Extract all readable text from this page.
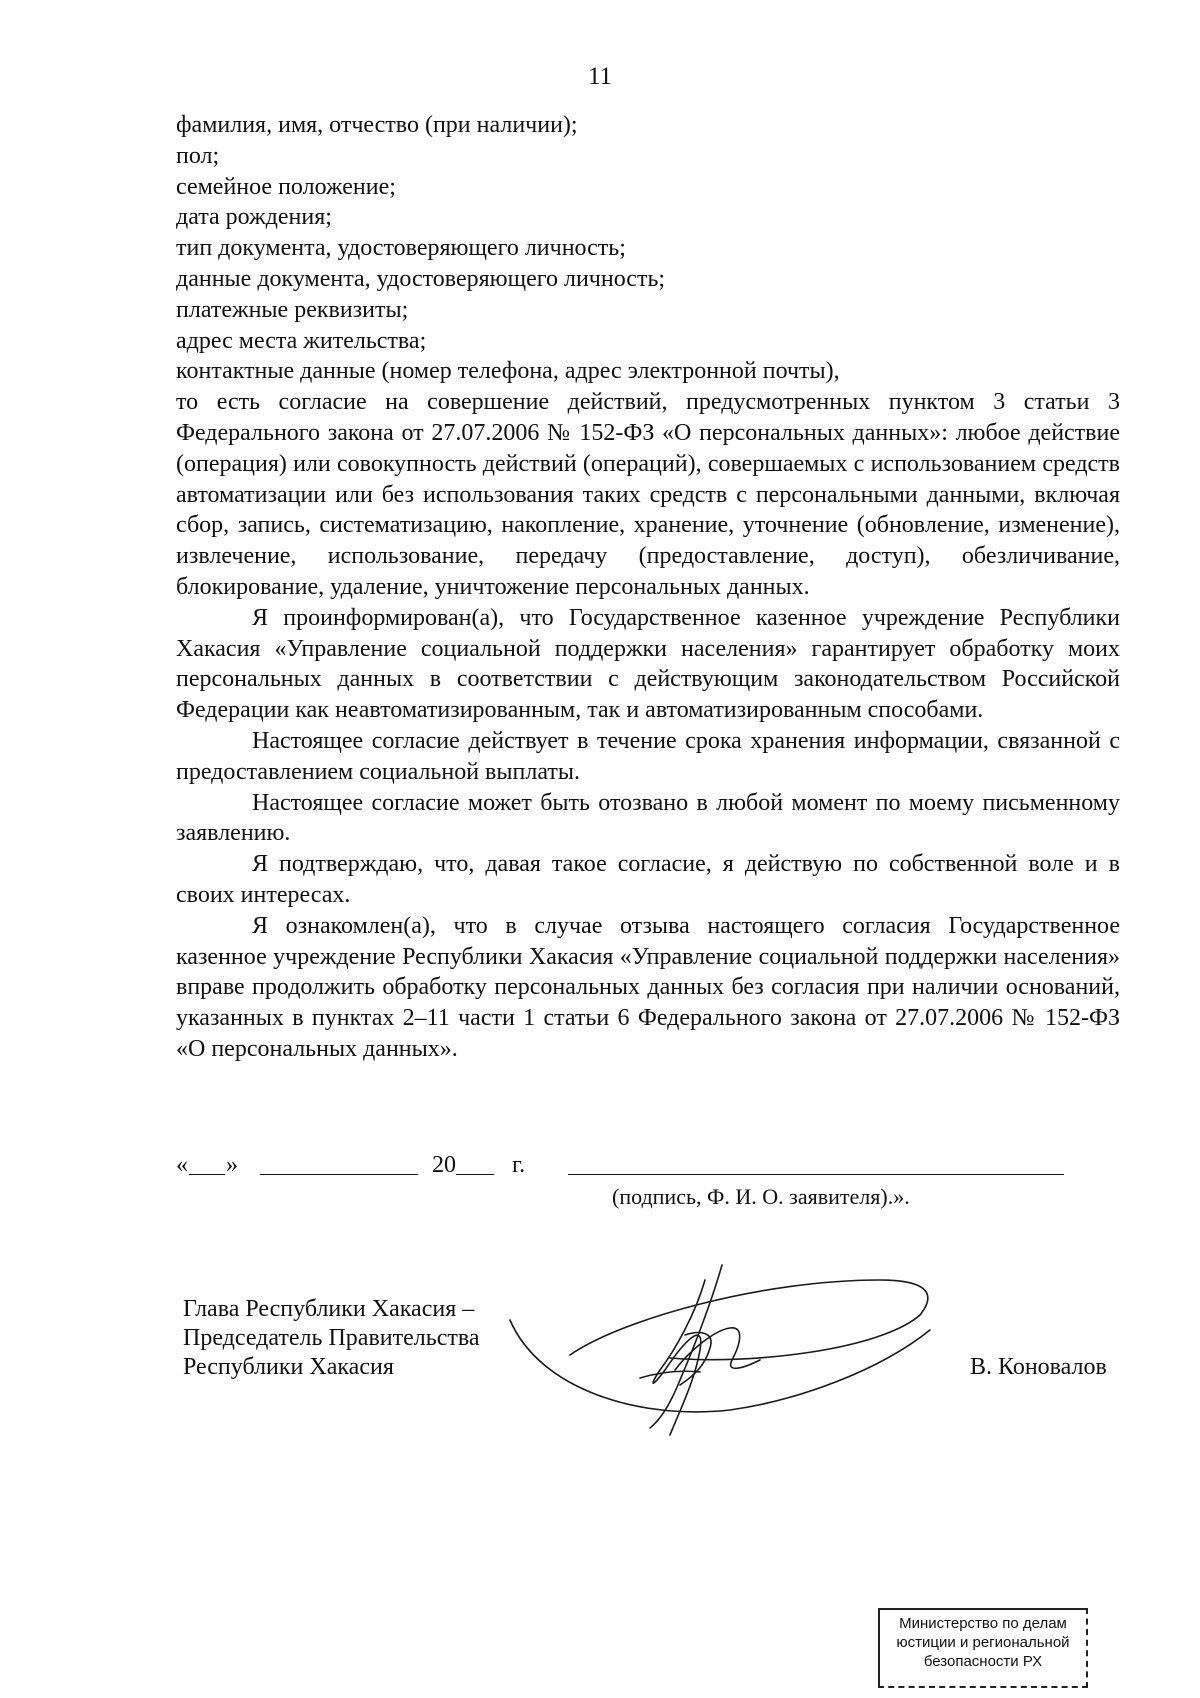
11

фамилия, имя, отчество (при наличии);

пол;

семейное положение;

дата рождения;

тип документа, удостоверяющего личность;

данные документа, удостоверяющего личность;

платежные реквизиты;

адрес места жительства;

контактные данные (номер телефона, адрес электронной почты),

то есть согласие на совершение действий, предусмотренных пунктом 3 статьи 3 Федерального закона от 27.07.2006 № 152-ФЗ «О персональных данных»: любое действие (операция) или совокупность действий (операций), совершаемых с использованием средств автоматизации или без использования таких средств с персональными данными, включая сбор, запись, систематизацию, накопление, хранение, уточнение (обновление, изменение), извлечение, использование, передачу (предоставление, доступ), обезличивание, блокирование, удаление, уничтожение персональных данных.

Я проинформирован(а), что Государственное казенное учреждение Республики Хакасия «Управление социальной поддержки населения» гарантирует обработку моих персональных данных в соответствии с действующим законодательством Российской Федерации как неавтоматизированным, так и автоматизированным способами.

Настоящее согласие действует в течение срока хранения информации, связанной с предоставлением социальной выплаты.

Настоящее согласие может быть отозвано в любой момент по моему письменному заявлению.

Я подтверждаю, что, давая такое согласие, я действую по собственной воле и в своих интересах.

Я ознакомлен(а), что в случае отзыва настоящего согласия Государственное казенное учреждение Республики Хакасия «Управление социальной поддержки населения» вправе продолжить обработку персональных данных без согласия при наличии оснований, указанных в пунктах 2–11 части 1 статьи 6 Федерального закона от 27.07.2006 № 152-ФЗ «О персональных данных».

« »	20 г.
(подпись, Ф. И. О. заявителя).».
Глава Республики Хакасия –
Председатель Правительства
Республики Хакасия	В. Коновалов
Министерство по делам
юстиции и региональной
безопасности РХ
